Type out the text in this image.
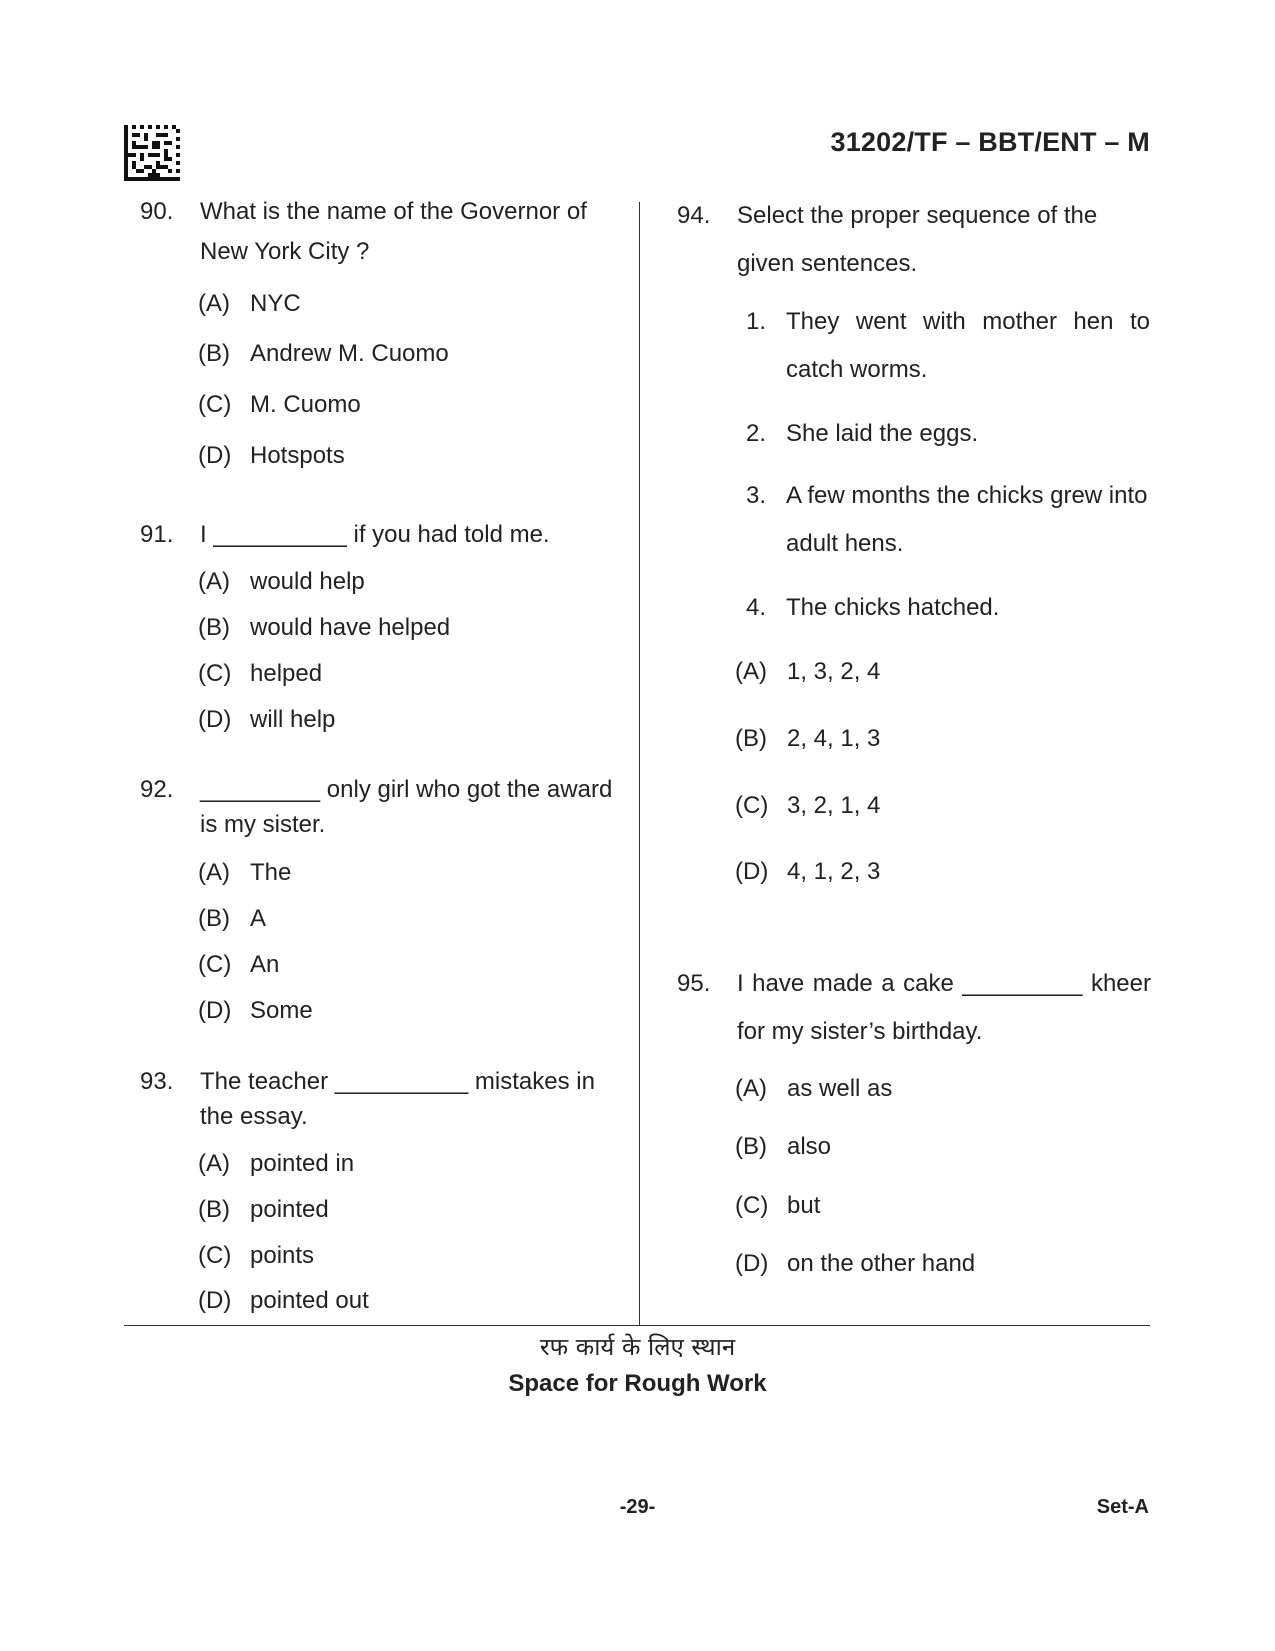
31202/TF – BBT/ENT – M
90. What is the name of the Governor of New York City ?
(A) NYC
(B) Andrew M. Cuomo
(C) M. Cuomo
(D) Hotspots
91. I __________ if you had told me.
(A) would help
(B) would have helped
(C) helped
(D) will help
92. _________ only girl who got the award is my sister.
(A) The
(B) A
(C) An
(D) Some
93. The teacher __________ mistakes in the essay.
(A) pointed in
(B) pointed
(C) points
(D) pointed out
94. Select the proper sequence of the given sentences.
1. They went with mother hen to catch worms.
2. She laid the eggs.
3. A few months the chicks grew into adult hens.
4. The chicks hatched.
(A) 1, 3, 2, 4
(B) 2, 4, 1, 3
(C) 3, 2, 1, 4
(D) 4, 1, 2, 3
95. I have made a cake _________ kheer for my sister’s birthday.
(A) as well as
(B) also
(C) but
(D) on the other hand
रफ कार्य के लिए स्थान
Space for Rough Work
-29-	Set-A
